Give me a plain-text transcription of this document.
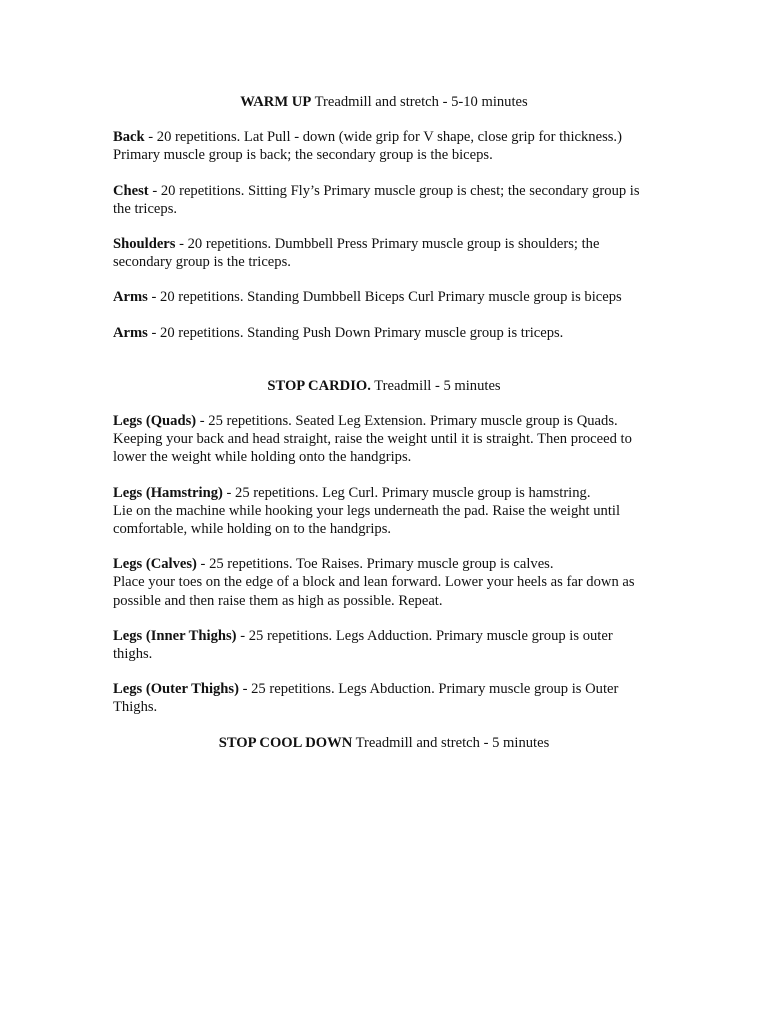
WARM UP Treadmill and stretch - 5-10 minutes

Back - 20 repetitions. Lat Pull - down (wide grip for V shape, close grip for thickness.) Primary muscle group is back; the secondary group is the biceps.

Chest - 20 repetitions. Sitting Fly’s Primary muscle group is chest; the secondary group is the triceps.

Shoulders - 20 repetitions. Dumbbell Press Primary muscle group is shoulders; the secondary group is the triceps.

Arms - 20 repetitions. Standing Dumbbell Biceps Curl Primary muscle group is biceps

Arms - 20 repetitions. Standing Push Down Primary muscle group is triceps.

STOP CARDIO. Treadmill - 5 minutes

Legs (Quads) - 25 repetitions. Seated Leg Extension. Primary muscle group is Quads. Keeping your back and head straight, raise the weight until it is straight. Then proceed to lower the weight while holding onto the handgrips.

Legs (Hamstring) - 25 repetitions. Leg Curl. Primary muscle group is hamstring.
Lie on the machine while hooking your legs underneath the pad. Raise the weight until comfortable, while holding on to the handgrips.

Legs (Calves) - 25 repetitions. Toe Raises. Primary muscle group is calves.
Place your toes on the edge of a block and lean forward. Lower your heels as far down as possible and then raise them as high as possible. Repeat.

Legs (Inner Thighs) - 25 repetitions. Legs Adduction. Primary muscle group is outer thighs.

Legs (Outer Thighs) - 25 repetitions. Legs Abduction. Primary muscle group is Outer Thighs.

STOP COOL DOWN Treadmill and stretch - 5 minutes
